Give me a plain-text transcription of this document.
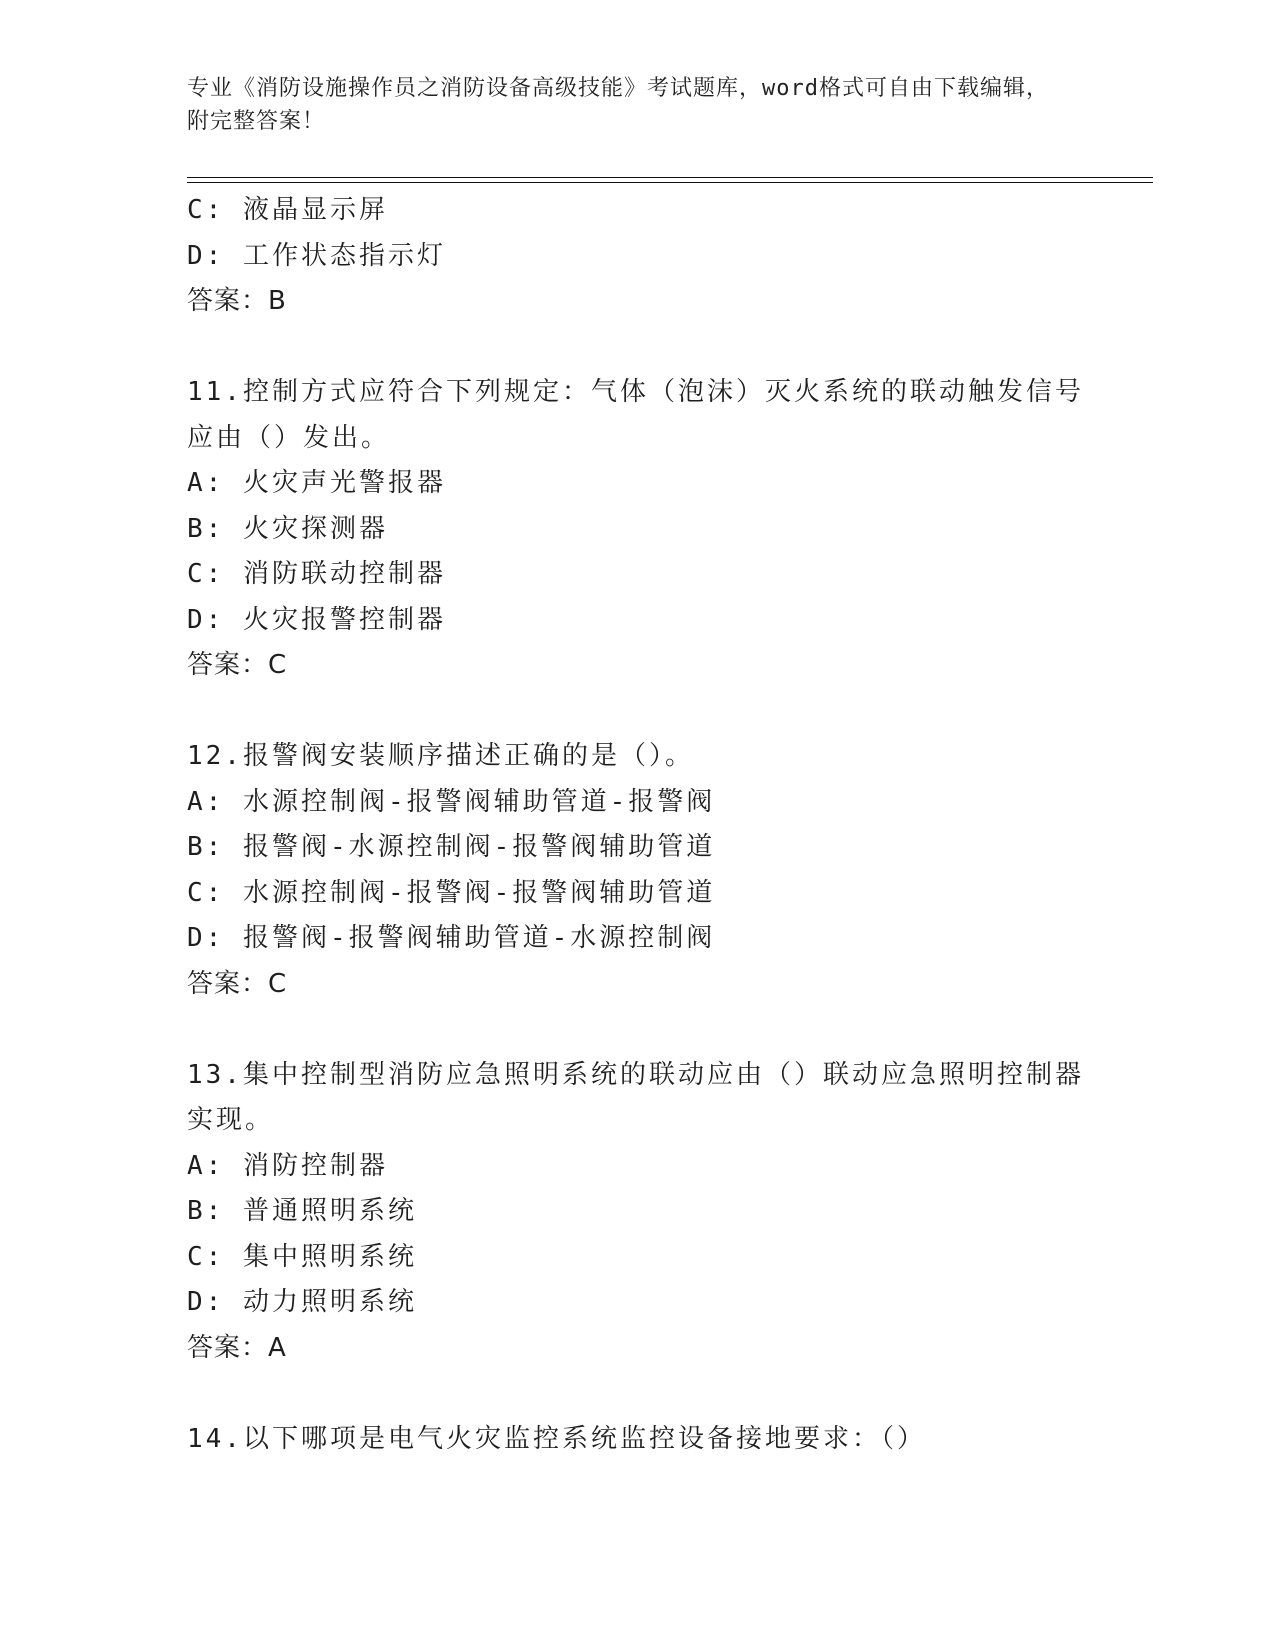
专业《消防设施操作员之消防设备高级技能》考试题库，word格式可自由下载编辑，附完整答案！
C: 液晶显示屏
D: 工作状态指示灯
答案：B
11.控制方式应符合下列规定：气体（泡沫）灭火系统的联动触发信号
应由（）发出。
A: 火灾声光警报器
B: 火灾探测器
C: 消防联动控制器
D: 火灾报警控制器
答案：C
12.报警阀安装顺序描述正确的是（）。
A: 水源控制阀-报警阀辅助管道-报警阀
B: 报警阀-水源控制阀-报警阀辅助管道
C: 水源控制阀-报警阀-报警阀辅助管道
D: 报警阀-报警阀辅助管道-水源控制阀
答案：C
13.集中控制型消防应急照明系统的联动应由（）联动应急照明控制器
实现。
A: 消防控制器
B: 普通照明系统
C: 集中照明系统
D: 动力照明系统
答案：A
14.以下哪项是电气火灾监控系统监控设备接地要求：（）
